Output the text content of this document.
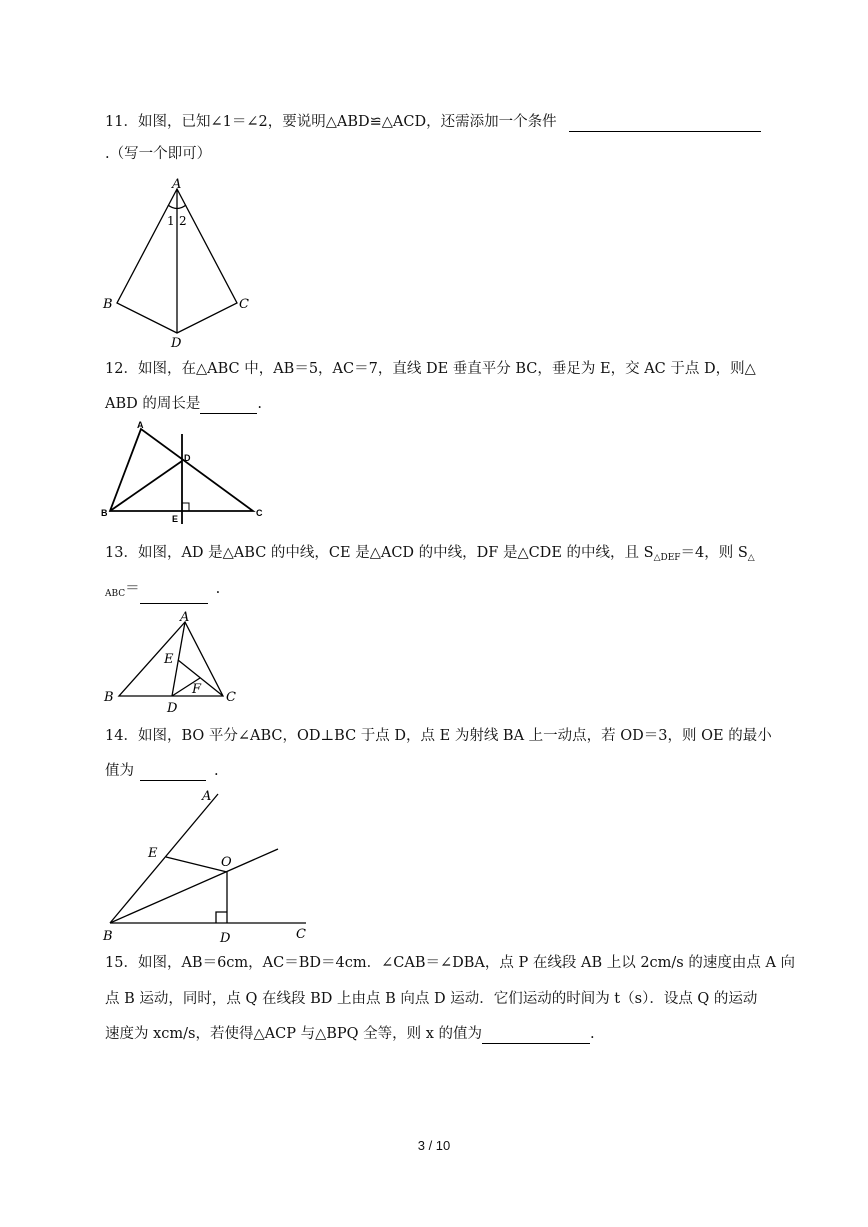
11．如图，已知∠1＝∠2，要说明△ABD≌△ACD，还需添加一个条件
.（写一个即可）
A
B	C
D
1 2
12．如图，在△ABC 中，AB＝5，AC＝7，直线 DE 垂直平分 BC，垂足为 E，交 AC 于点 D，则△
ABD 的周长是	.
A
B	C
D
E
13．如图，AD 是△ABC 的中线，CE 是△ACD 的中线，DF 是△CDE 的中线，且 $S_{\triangle DEF}=4$，则 $S_\triangle$
$_{ABC}$＝	.
A
B	C
D
E
F
14．如图，BO 平分∠ABC，OD⊥BC 于点 D，点 E 为射线 BA 上一动点，若 OD＝3，则 OE 的最小
值为	.
A
B	C
D
E
O
15．如图，AB＝6cm，AC＝BD＝4cm．∠CAB＝∠DBA，点 P 在线段 AB 上以 2cm/s 的速度由点 A 向
点 B 运动，同时，点 Q 在线段 BD 上由点 B 向点 D 运动．它们运动的时间为 t（s）．设点 Q 的运动
速度为 xcm/s，若使得△ACP 与△BPQ 全等，则 x 的值为	.
3 / 10
